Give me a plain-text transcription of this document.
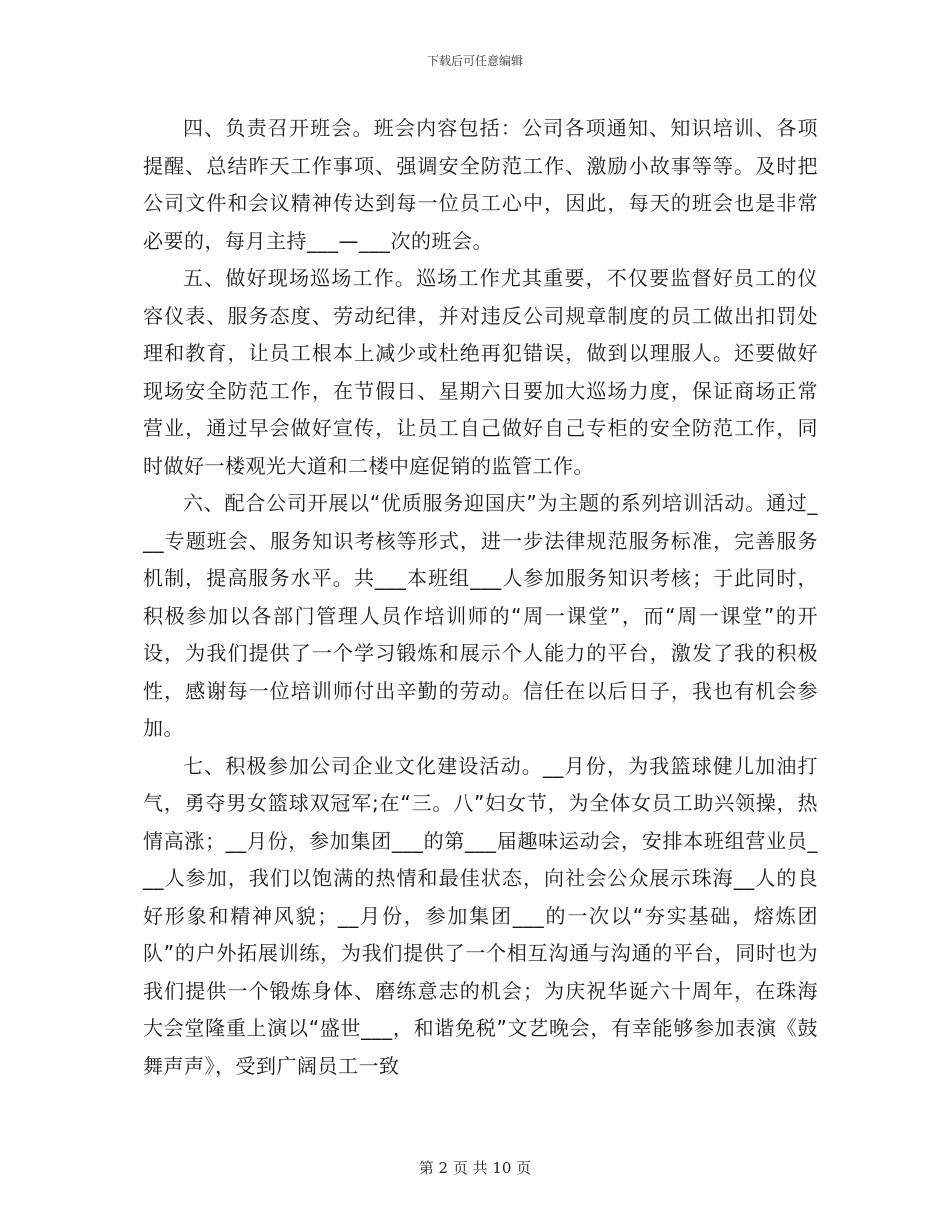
下载后可任意编辑

四、负责召开班会。班会内容包括：公司各项通知、知识培训、各项提醒、总结昨天工作事项、强调安全防范工作、激励小故事等等。及时把公司文件和会议精神传达到每一位员工心中，因此，每天的班会也是非常必要的，每月主持___—___次的班会。

五、做好现场巡场工作。巡场工作尤其重要，不仅要监督好员工的仪容仪表、服务态度、劳动纪律，并对违反公司规章制度的员工做出扣罚处理和教育，让员工根本上减少或杜绝再犯错误，做到以理服人。还要做好现场安全防范工作，在节假日、星期六日要加大巡场力度，保证商场正常营业，通过早会做好宣传，让员工自己做好自己专柜的安全防范工作，同时做好一楼观光大道和二楼中庭促销的监管工作。

六、配合公司开展以“优质服务迎国庆”为主题的系列培训活动。通过___专题班会、服务知识考核等形式，进一步法律规范服务标准，完善服务机制，提高服务水平。共___本班组___人参加服务知识考核；于此同时，积极参加以各部门管理人员作培训师的“周一课堂”，而“周一课堂”的开设，为我们提供了一个学习锻炼和展示个人能力的平台，激发了我的积极性，感谢每一位培训师付出辛勤的劳动。信任在以后日子，我也有机会参加。

七、积极参加公司企业文化建设活动。__月份，为我篮球健儿加油打气，勇夺男女篮球双冠军;在“三。八”妇女节，为全体女员工助兴领操，热情高涨；__月份，参加集团___的第___届趣味运动会，安排本班组营业员___人参加，我们以饱满的热情和最佳状态，向社会公众展示珠海__人的良好形象和精神风貌；__月份，参加集团___的一次以“夯实基础，熔炼团队”的户外拓展训练，为我们提供了一个相互沟通与沟通的平台，同时也为我们提供一个锻炼身体、磨练意志的机会；为庆祝华诞六十周年，在珠海大会堂隆重上演以“盛世___，和谐免税”文艺晚会，有幸能够参加表演《鼓舞声声》，受到广阔员工一致

第 2 页 共 10 页
